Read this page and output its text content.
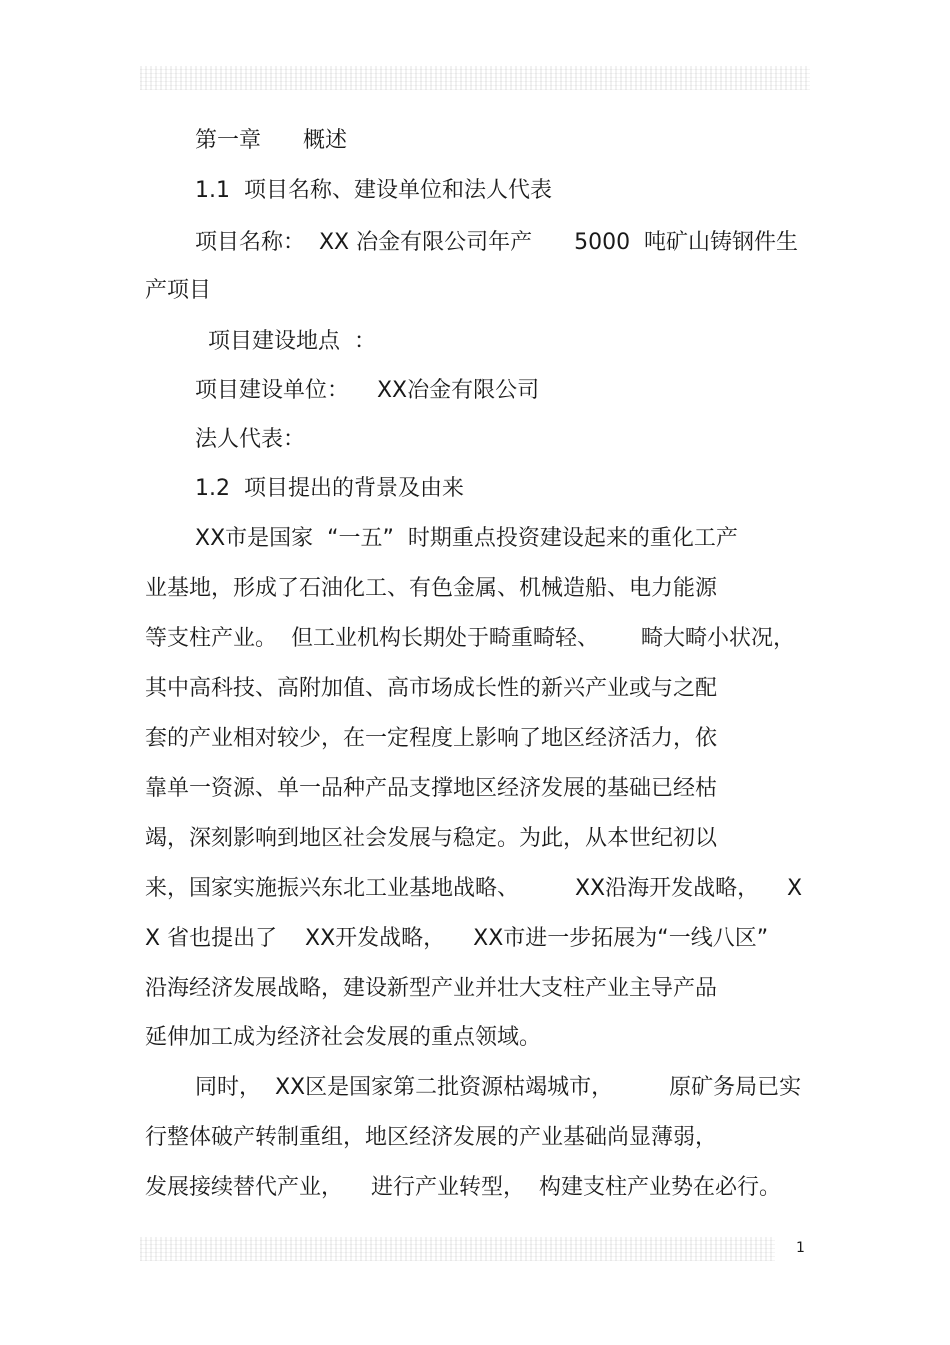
第一章      概述

1.1  项目名称、建设单位和法人代表

项目名称：  XX 冶金有限公司年产      5000  吨矿山铸钢件生

产项目

项目建设地点  ：

项目建设单位：    XX冶金有限公司

法人代表：

1.2  项目提出的背景及由来

XX市是国家  “一五”  时期重点投资建设起来的重化工产

业基地，形成了石油化工、有色金属、机械造船、电力能源

等支柱产业。  但工业机构长期处于畸重畸轻、      畸大畸小状况，

其中高科技、高附加值、高市场成长性的新兴产业或与之配

套的产业相对较少，在一定程度上影响了地区经济活力，依

靠单一资源、单一品种产品支撑地区经济发展的基础已经枯

竭，深刻影响到地区社会发展与稳定。为此，从本世纪初以

来，国家实施振兴东北工业基地战略、        XX沿海开发战略，    X

X 省也提出了    XX开发战略，    XX市进一步拓展为“一线八区”

沿海经济发展战略，建设新型产业并壮大支柱产业主导产品

延伸加工成为经济社会发展的重点领域。

同时，  XX区是国家第二批资源枯竭城市，        原矿务局已实

行整体破产转制重组，地区经济发展的产业基础尚显薄弱，

发展接续替代产业，    进行产业转型，  构建支柱产业势在必行。

1
